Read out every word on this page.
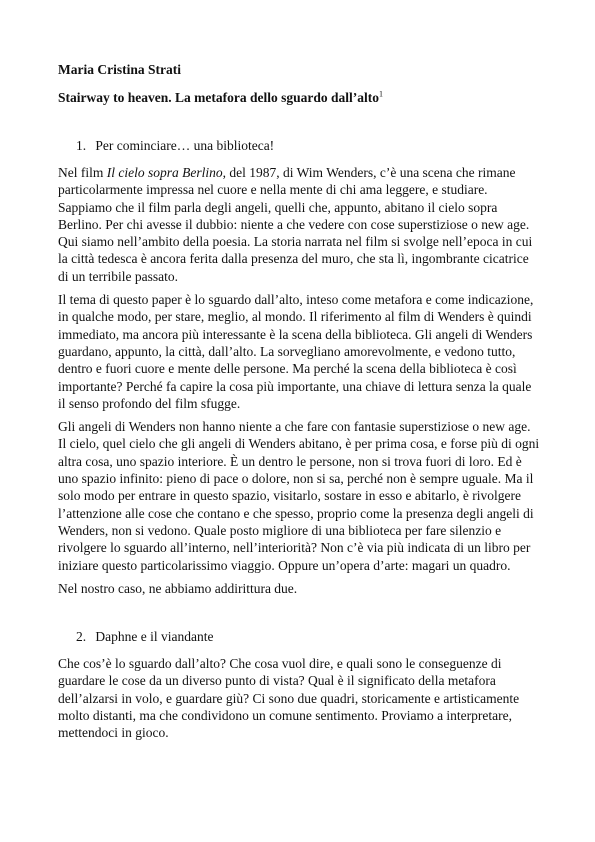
Maria Cristina Strati
Stairway to heaven. La metafora dello sguardo dall’alto$^1$
1. Per cominciare… una biblioteca!

Nel film Il cielo sopra Berlino, del 1987, di Wim Wenders, c’è una scena che rimane particolarmente impressa nel cuore e nella mente di chi ama leggere, e studiare. Sappiamo che il film parla degli angeli, quelli che, appunto, abitano il cielo sopra Berlino. Per chi avesse il dubbio: niente a che vedere con cose superstiziose o new age. Qui siamo nell’ambito della poesia. La storia narrata nel film si svolge nell’epoca in cui la città tedesca è ancora ferita dalla presenza del muro, che sta lì, ingombrante cicatrice di un terribile passato.

Il tema di questo paper è lo sguardo dall’alto, inteso come metafora e come indicazione, in qualche modo, per stare, meglio, al mondo. Il riferimento al film di Wenders è quindi immediato, ma ancora più interessante è la scena della biblioteca. Gli angeli di Wenders guardano, appunto, la città, dall’alto. La sorvegliano amorevolmente, e vedono tutto, dentro e fuori cuore e mente delle persone. Ma perché la scena della biblioteca è così importante? Perché fa capire la cosa più importante, una chiave di lettura senza la quale il senso profondo del film sfugge.

Gli angeli di Wenders non hanno niente a che fare con fantasie superstiziose o new age. Il cielo, quel cielo che gli angeli di Wenders abitano, è per prima cosa, e forse più di ogni altra cosa, uno spazio interiore. È un dentro le persone, non si trova fuori di loro. Ed è uno spazio infinito: pieno di pace o dolore, non si sa, perché non è sempre uguale. Ma il solo modo per entrare in questo spazio, visitarlo, sostare in esso e abitarlo, è rivolgere l’attenzione alle cose che contano e che spesso, proprio come la presenza degli angeli di Wenders, non si vedono. Quale posto migliore di una biblioteca per fare silenzio e rivolgere lo sguardo all’interno, nell’interiorità? Non c’è via più indicata di un libro per iniziare questo particolarissimo viaggio. Oppure un’opera d’arte: magari un quadro.

Nel nostro caso, ne abbiamo addirittura due.

2. Daphne e il viandante

Che cos’è lo sguardo dall’alto? Che cosa vuol dire, e quali sono le conseguenze di guardare le cose da un diverso punto di vista? Qual è il significato della metafora dell’alzarsi in volo, e guardare giù? Ci sono due quadri, storicamente e artisticamente molto distanti, ma che condividono un comune sentimento. Proviamo a interpretare, mettendoci in gioco.
